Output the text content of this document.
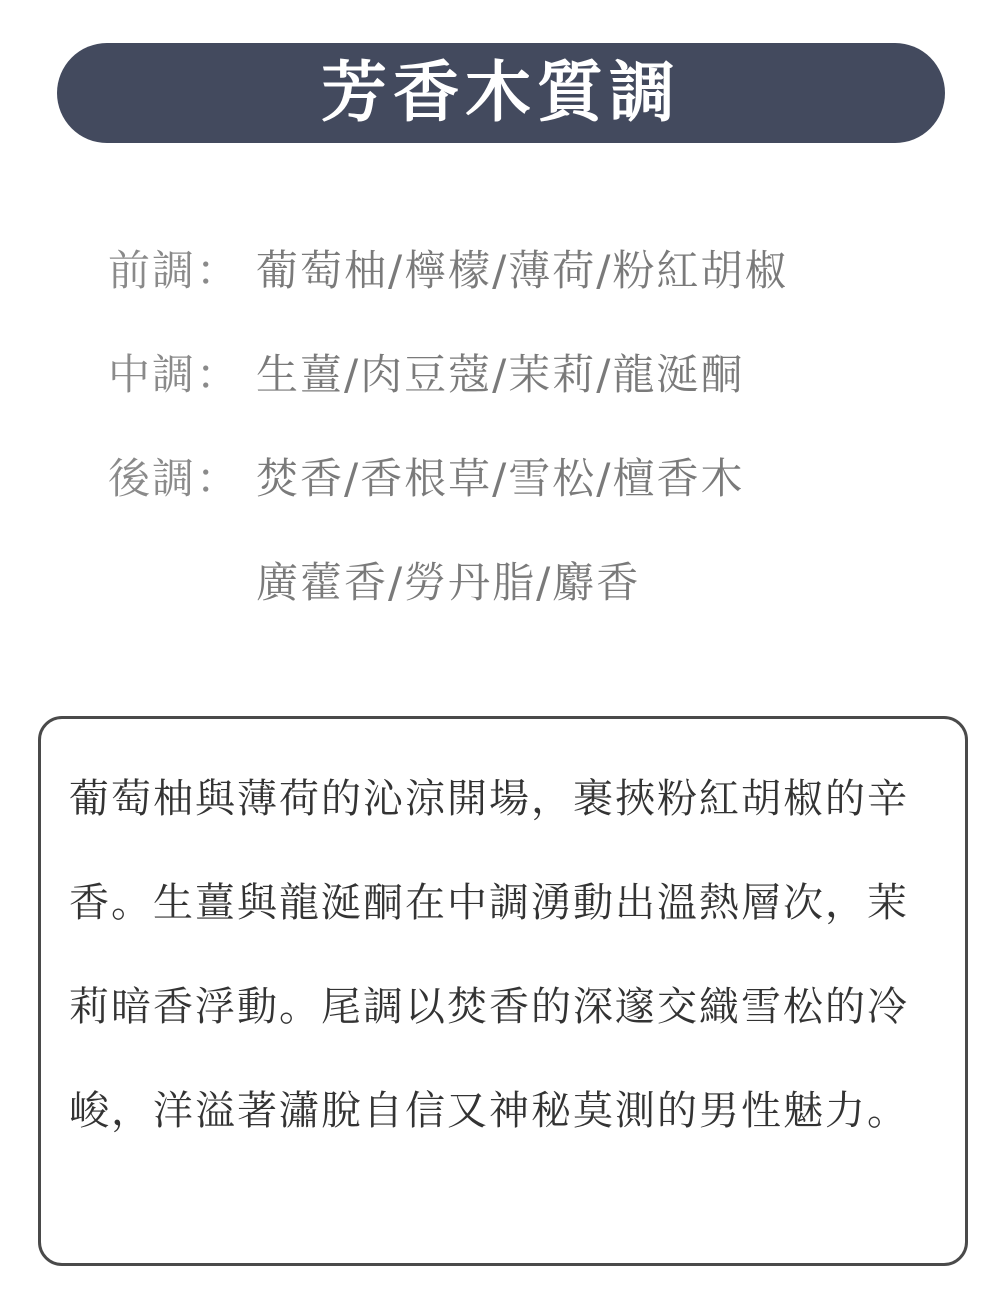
芳香木質調
前調： 葡萄柚/檸檬/薄荷/粉紅胡椒
中調： 生薑/肉豆蔻/茉莉/龍涎酮
後調： 焚香/香根草/雪松/檀香木
廣藿香/勞丹脂/麝香

葡萄柚與薄荷的沁涼開場，裹挾粉紅胡椒的辛香。生薑與龍涎酮在中調湧動出溫熱層次，茉莉暗香浮動。尾調以焚香的深邃交織雪松的冷峻，洋溢著瀟脫自信又神秘莫測的男性魅力。
